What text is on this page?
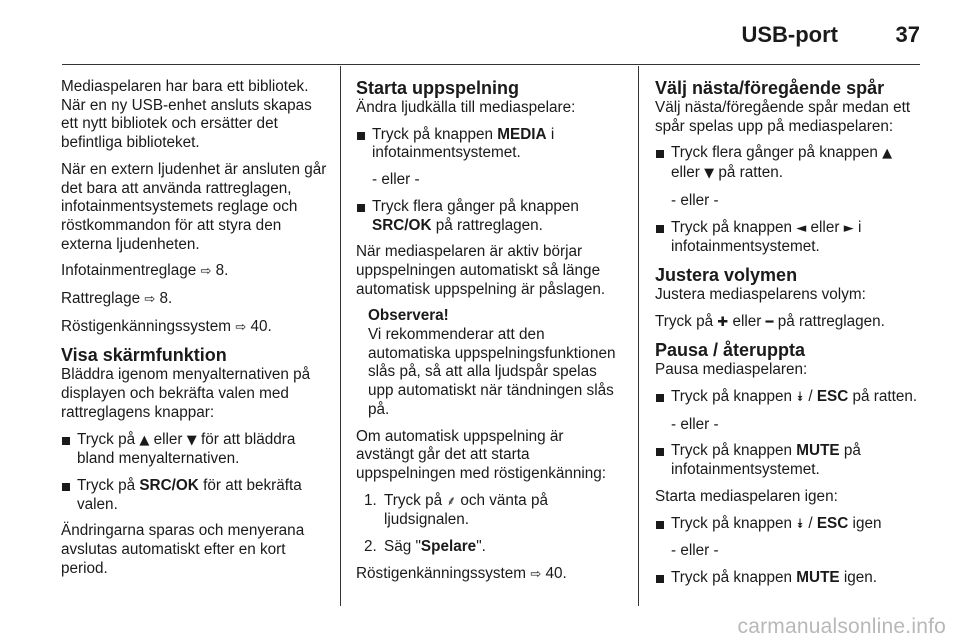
USB-port	37

Mediaspelaren har bara ett bibliotek. När en ny USB-enhet ansluts skapas ett nytt bibliotek och ersätter det befintliga biblioteket.

När en extern ljudenhet är ansluten går det bara att använda rattreglagen, infotainmentsystemets reglage och röstkommandon för att styra den externa ljudenheten.

Infotainmentreglage ⇨ 8.

Rattreglage ⇨ 8.

Röstigenkänningssystem ⇨ 40.

Visa skärmfunktion

Bläddra igenom menyalternativen på displayen och bekräfta valen med rattreglagens knappar:

Tryck på ▲ eller ▼ för att bläddra bland menyalternativen.
Tryck på SRC/OK för att bekräfta valen.

Ändringarna sparas och menyerana avslutas automatiskt efter en kort period.

Starta uppspelning

Ändra ljudkälla till mediaspelare:

Tryck på knappen MEDIA i infotainmentsystemet.
- eller -
Tryck flera gånger på knappen SRC/OK på rattreglagen.

När mediaspelaren är aktiv börjar uppspelningen automatiskt så länge automatisk uppspelning är påslagen.

Observera!
Vi rekommenderar att den automatiska uppspelningsfunktionen slås på, så att alla ljudspår spelas upp automatiskt när tändningen slås på.

Om automatisk uppspelning är avstängt går det att starta uppspelningen med röstigenkänning:

1. Tryck på ⸙ och vänta på ljudsignalen.
2. Säg "Spelare".

Röstigenkänningssystem ⇨ 40.

Välj nästa/föregående spår

Välj nästa/föregående spår medan ett spår spelas upp på mediaspelaren:

Tryck flera gånger på knappen ▲
eller ▼ på ratten.
- eller -
Tryck på knappen ◄ eller ► i infotainmentsystemet.
Justera volymen

Justera mediaspelarens volym:

Tryck på ✚ eller ━ på rattreglagen.

Pausa / återuppta

Pausa mediaspelaren:

Tryck på knappen ⯯ / ESC på ratten.
- eller -
Tryck på knappen MUTE på infotainmentsystemet.

Starta mediaspelaren igen:

Tryck på knappen ⯯ / ESC igen
- eller -
Tryck på knappen MUTE igen.
carmanualsonline.info
